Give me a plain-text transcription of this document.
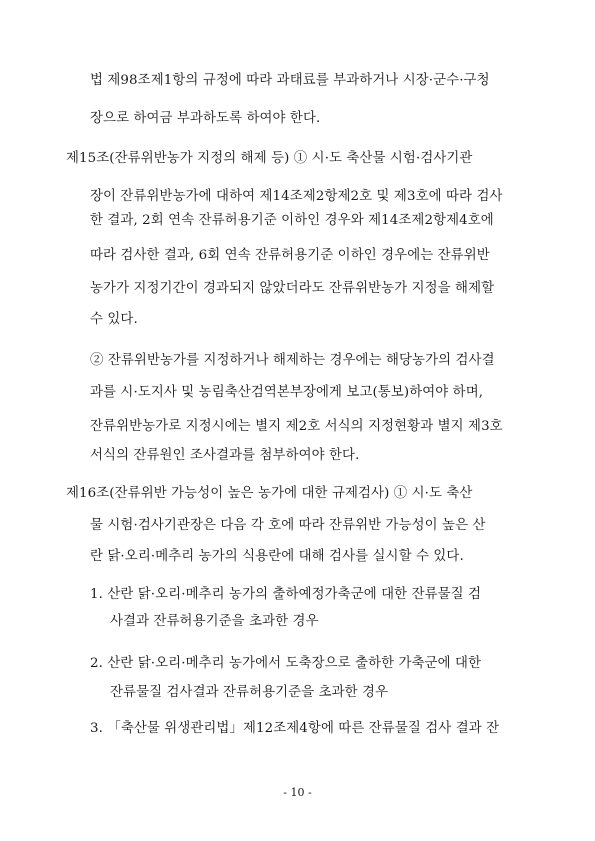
법 제98조제1항의 규정에 따라 과태료를 부과하거나 시장·군수·구청
장으로 하여금 부과하도록 하여야 한다.
제15조(잔류위반농가 지정의 해제 등) ① 시·도 축산물 시험·검사기관
장이 잔류위반농가에 대하여 제14조제2항제2호 및 제3호에 따라 검사
한 결과, 2회 연속 잔류허용기준 이하인 경우와 제14조제2항제4호에
따라 검사한 결과, 6회 연속 잔류허용기준 이하인 경우에는 잔류위반
농가가 지정기간이 경과되지 않았더라도 잔류위반농가 지정을 해제할
수 있다.
② 잔류위반농가를 지정하거나 해제하는 경우에는 해당농가의 검사결
과를 시·도지사 및 농림축산검역본부장에게 보고(통보)하여야 하며,
잔류위반농가로 지정시에는 별지 제2호 서식의 지정현황과 별지 제3호
서식의 잔류원인 조사결과를 첨부하여야 한다.
제16조(잔류위반 가능성이 높은 농가에 대한 규제검사) ① 시·도 축산
물 시험·검사기관장은 다음 각 호에 따라 잔류위반 가능성이 높은 산
란 닭·오리·메추리 농가의 식용란에 대해 검사를 실시할 수 있다.
1. 산란 닭·오리·메추리 농가의 출하예정가축군에 대한 잔류물질 검
사결과 잔류허용기준을 초과한 경우
2. 산란 닭·오리·메추리 농가에서 도축장으로 출하한 가축군에 대한
잔류물질 검사결과 잔류허용기준을 초과한 경우
3. 「축산물 위생관리법」제12조제4항에 따른 잔류물질 검사 결과 잔
- 10 -
